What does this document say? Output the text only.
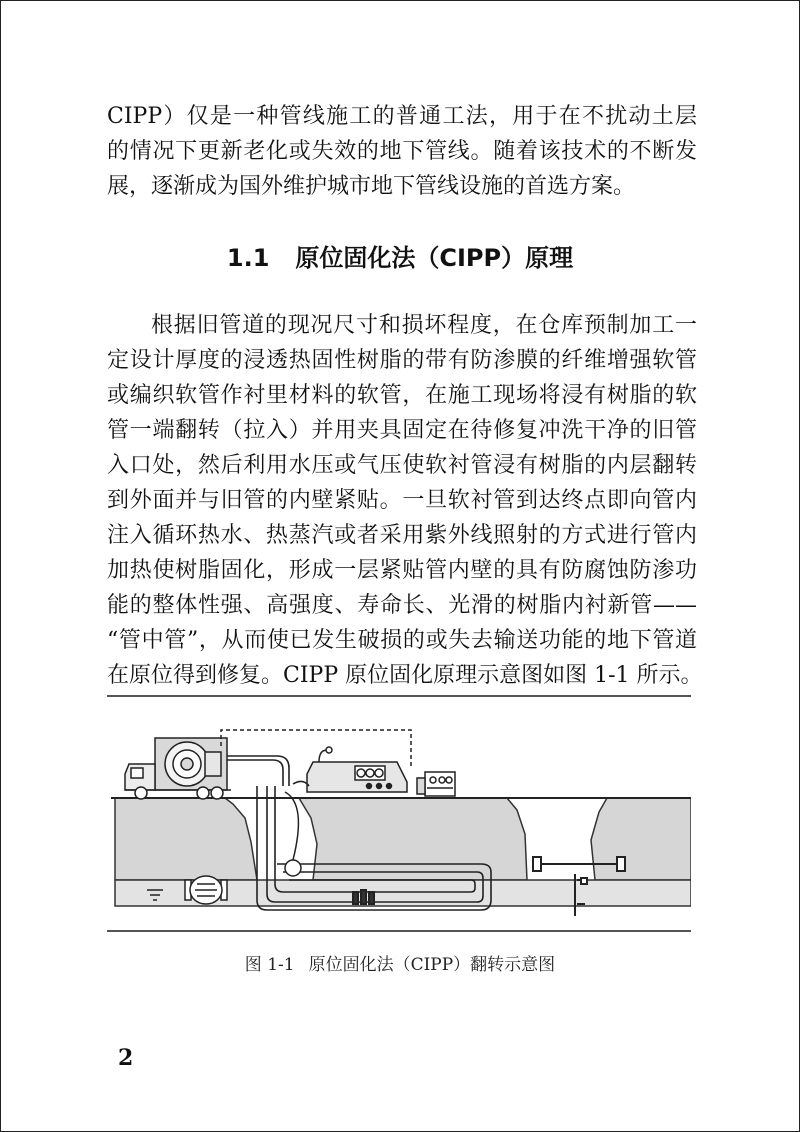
CIPP）仅是一种管线施工的普通工法，用于在不扰动土层
的情况下更新老化或失效的地下管线。随着该技术的不断发
展，逐渐成为国外维护城市地下管线设施的首选方案。
1.1 原位固化法（CIPP）原理
根据旧管道的现况尺寸和损坏程度，在仓库预制加工一
定设计厚度的浸透热固性树脂的带有防渗膜的纤维增强软管
或编织软管作衬里材料的软管，在施工现场将浸有树脂的软
管一端翻转（拉入）并用夹具固定在待修复冲洗干净的旧管
入口处，然后利用水压或气压使软衬管浸有树脂的内层翻转
到外面并与旧管的内壁紧贴。一旦软衬管到达终点即向管内
注入循环热水、热蒸汽或者采用紫外线照射的方式进行管内
加热使树脂固化，形成一层紧贴管内壁的具有防腐蚀防渗功
能的整体性强、高强度、寿命长、光滑的树脂内衬新管——
“管中管”，从而使已发生破损的或失去输送功能的地下管道
在原位得到修复。CIPP 原位固化原理示意图如图 1-1 所示。
图 1-1 原位固化法（CIPP）翻转示意图
2
